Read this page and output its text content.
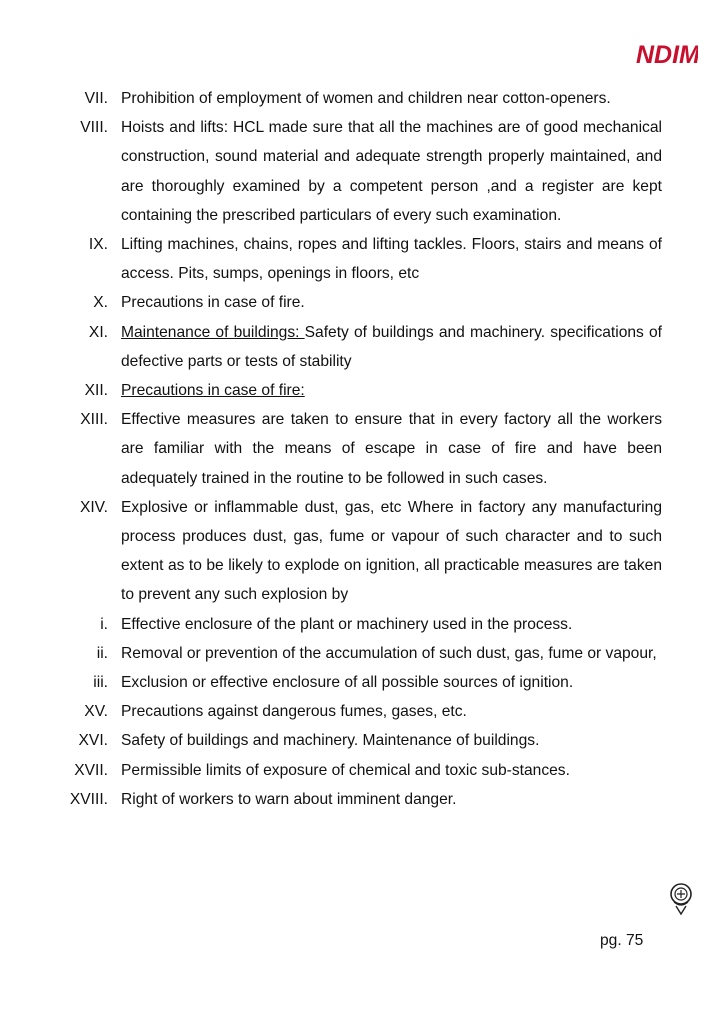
NDIM
VII. Prohibition of employment of women and children near cotton-openers.
VIII. Hoists and lifts: HCL made sure that all the machines are of good mechanical construction, sound material and adequate strength properly maintained, and are thoroughly examined by a competent person ,and a register are kept containing the prescribed particulars of every such examination.
IX. Lifting machines, chains, ropes and lifting tackles. Floors, stairs and means of access. Pits, sumps, openings in floors, etc
X. Precautions in case of fire.
XI. Maintenance of buildings: Safety of buildings and machinery. specifications of defective parts or tests of stability
XII. Precautions in case of fire:
XIII. Effective measures are taken to ensure that in every factory all the workers are familiar with the means of escape in case of fire and have been adequately trained in the routine to be followed in such cases.
XIV. Explosive or inflammable dust, gas, etc Where in factory any manufacturing process produces dust, gas, fume or vapour of such character and to such extent as to be likely to explode on ignition, all practicable measures are taken to prevent any such explosion by
i. Effective enclosure of the plant or machinery used in the process.
ii. Removal or prevention of the accumulation of such dust, gas, fume or vapour,
iii. Exclusion or effective enclosure of all possible sources of ignition.
XV. Precautions against dangerous fumes, gases, etc.
XVI. Safety of buildings and machinery. Maintenance of buildings.
XVII. Permissible limits of exposure of chemical and toxic sub-stances.
XVIII. Right of workers to warn about imminent danger.
pg. 75
